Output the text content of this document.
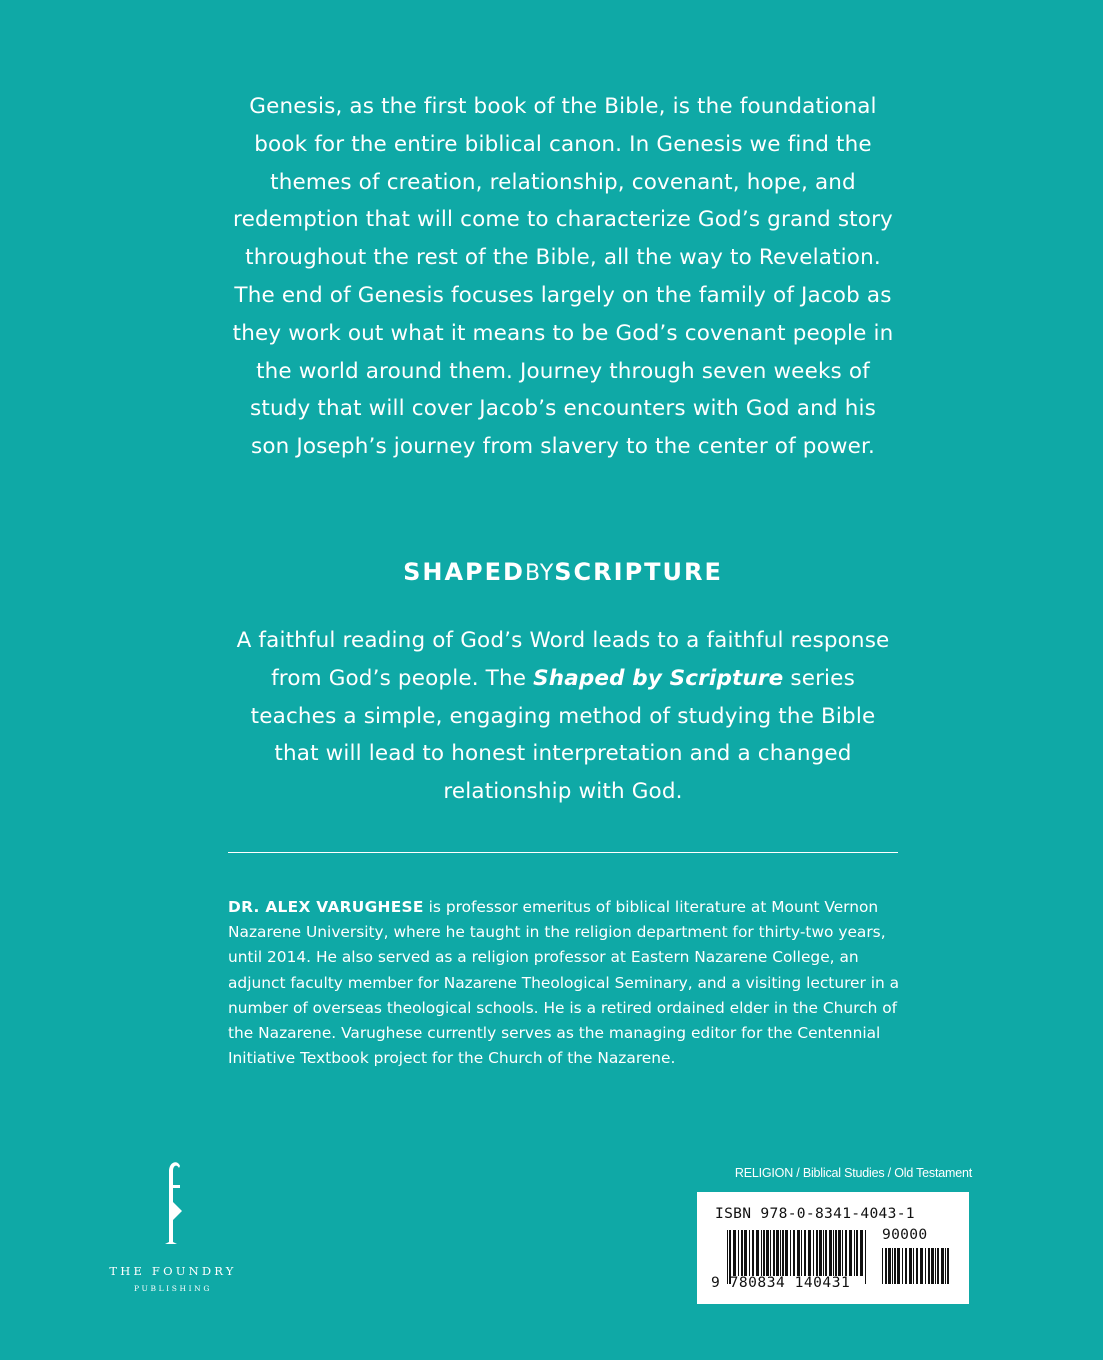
Genesis, as the first book of the Bible, is the foundational book for the entire biblical canon. In Genesis we find the themes of creation, relationship, covenant, hope, and redemption that will come to characterize God’s grand story throughout the rest of the Bible, all the way to Revelation. The end of Genesis focuses largely on the family of Jacob as they work out what it means to be God’s covenant people in the world around them. Journey through seven weeks of study that will cover Jacob’s encounters with God and his son Joseph’s journey from slavery to the center of power.

SHAPEDBYSCRIPTURE

A faithful reading of God’s Word leads to a faithful response from God’s people. The Shaped by Scripture series teaches a simple, engaging method of studying the Bible that will lead to honest interpretation and a changed relationship with God.

DR. ALEX VARUGHESE is professor emeritus of biblical literature at Mount Vernon Nazarene University, where he taught in the religion department for thirty-two years, until 2014. He also served as a religion professor at Eastern Nazarene College, an adjunct faculty member for Nazarene Theological Seminary, and a visiting lecturer in a number of overseas theological schools. He is a retired ordained elder in the Church of the Nazarene. Varughese currently serves as the managing editor for the Centennial Initiative Textbook project for the Church of the Nazarene.

THE FOUNDRY
PUBLISHING
RELIGION / Biblical Studies / Old Testament
ISBN 978-0-8341-4043-1
90000
9 780834 140431
